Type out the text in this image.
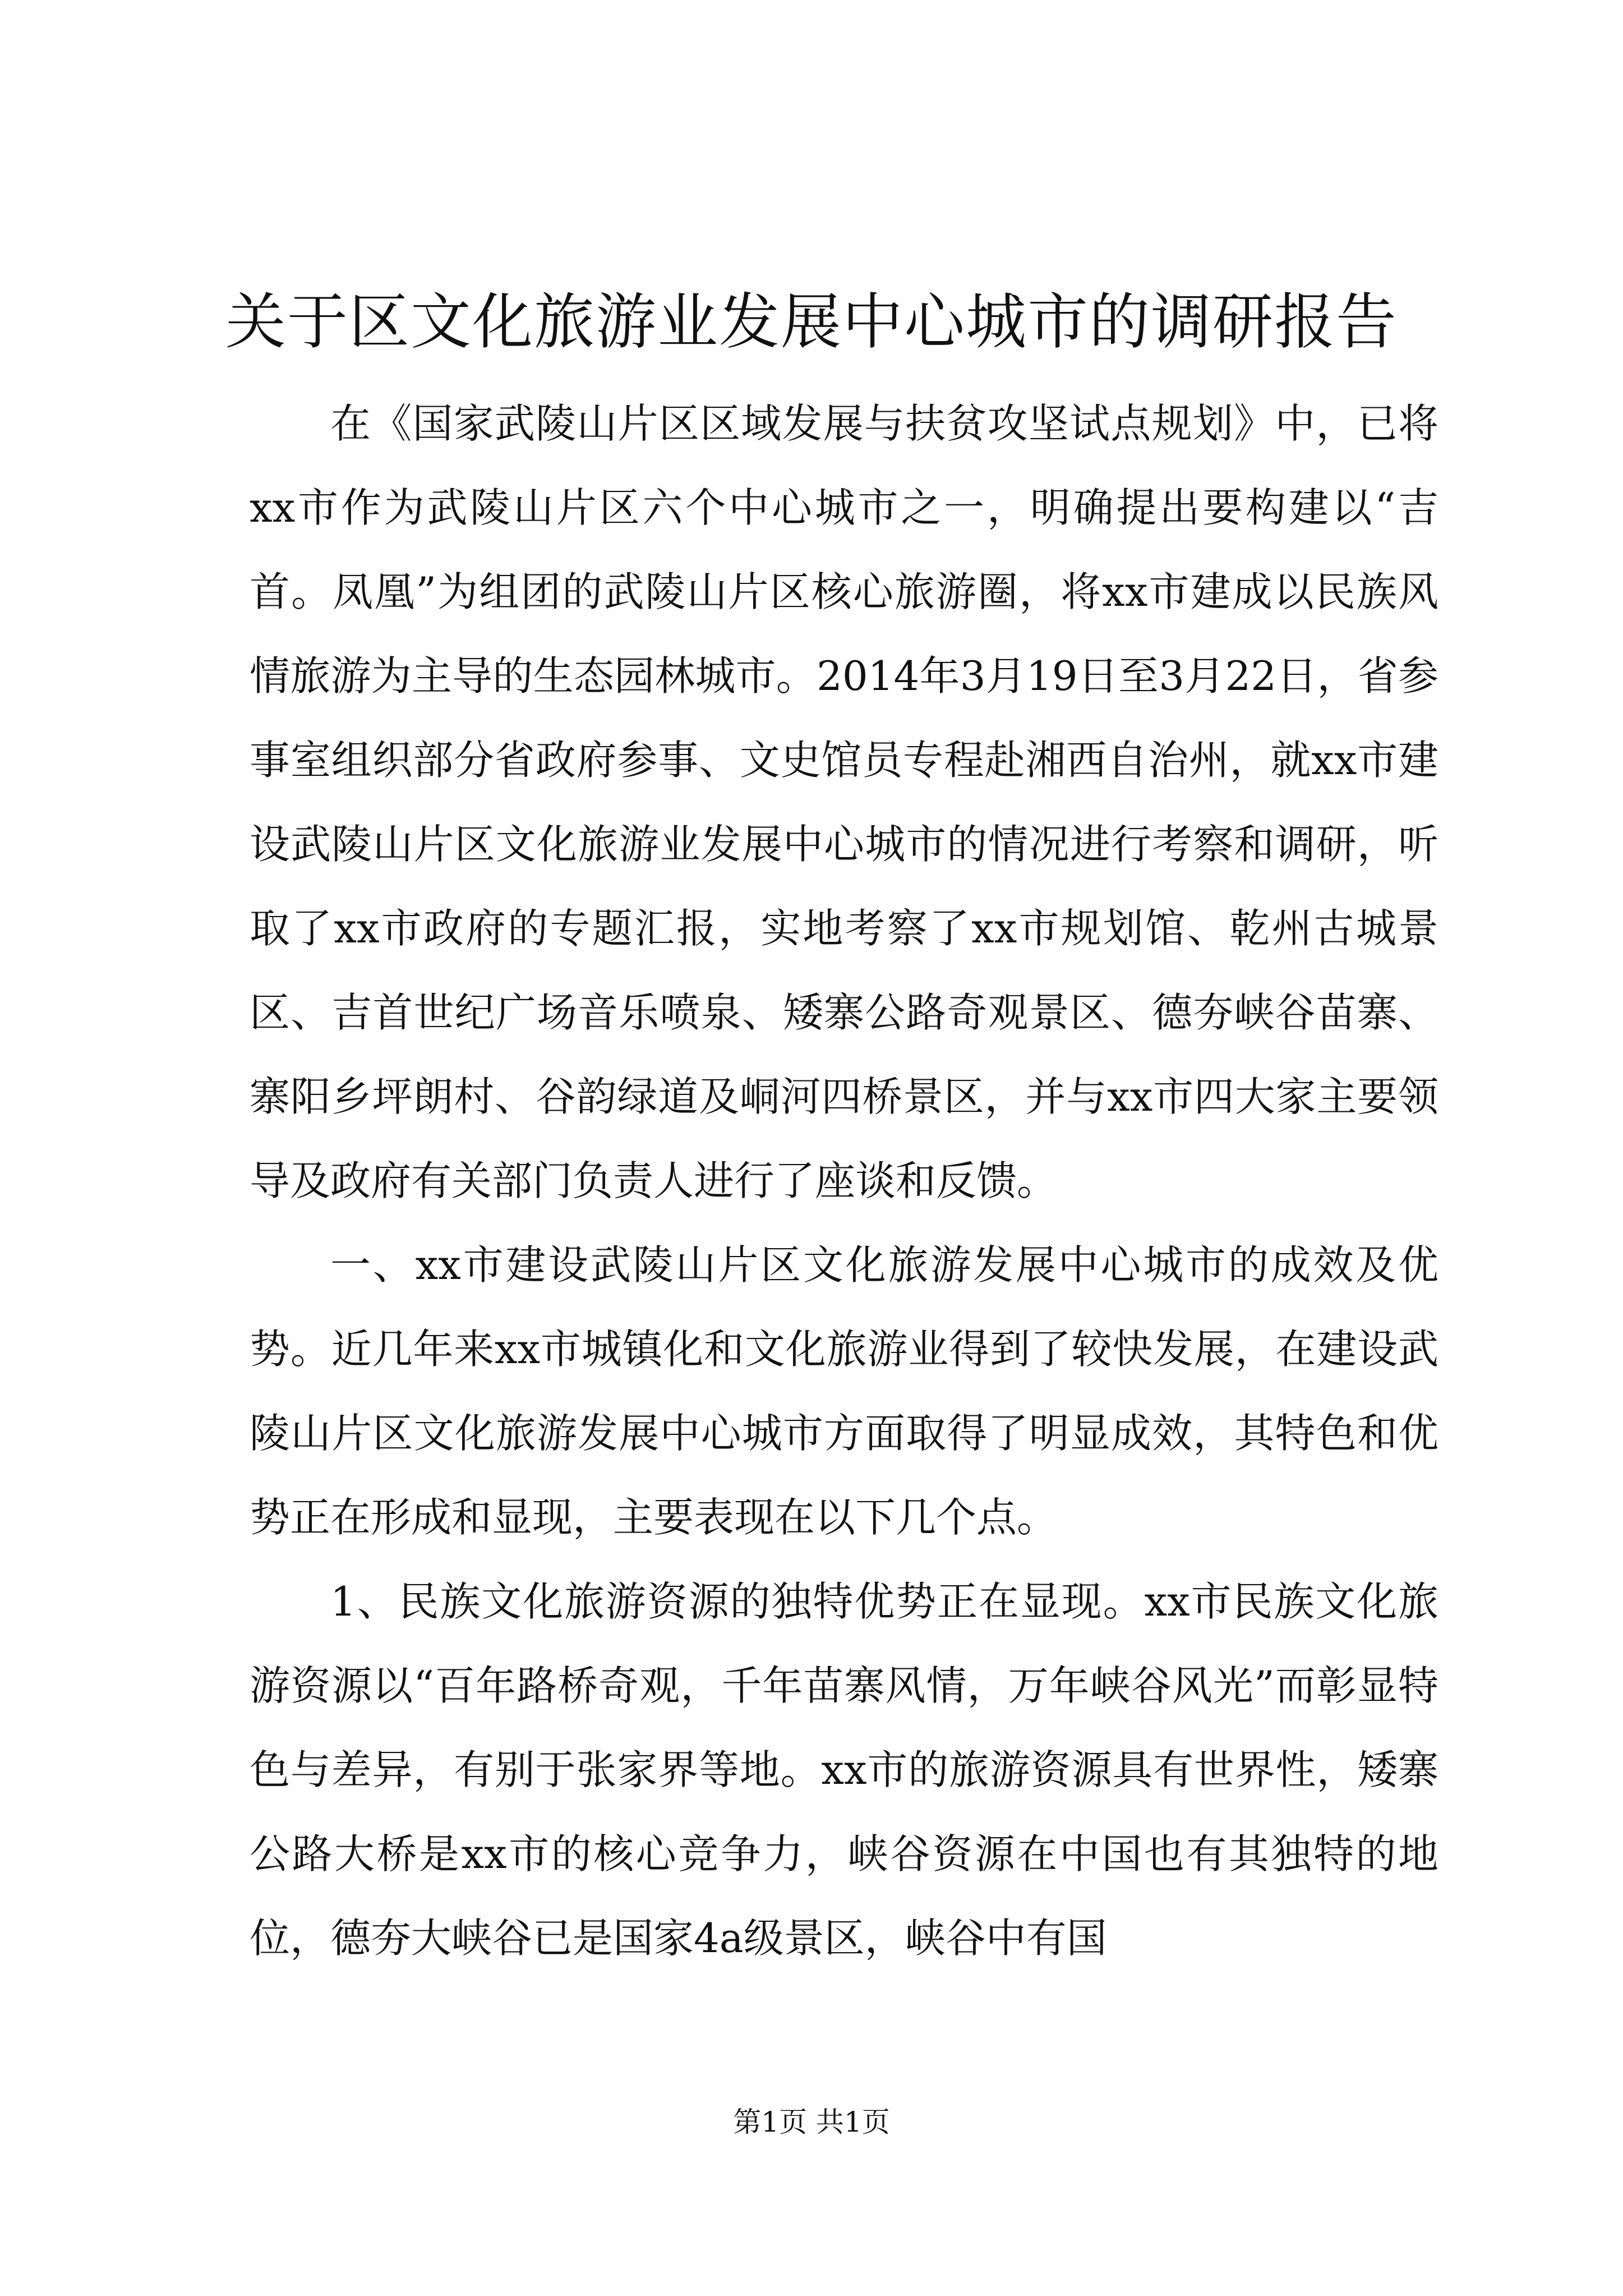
关于区文化旅游业发展中心城市的调研报告

在《国家武陵山片区区域发展与扶贫攻坚试点规划》中，已将xx市作为武陵山片区六个中心城市之一，明确提出要构建以“吉首。凤凰”为组团的武陵山片区核心旅游圈，将xx市建成以民族风情旅游为主导的生态园林城市。2014年3月19日至3月22日，省参事室组织部分省政府参事、文史馆员专程赴湘西自治州，就xx市建设武陵山片区文化旅游业发展中心城市的情况进行考察和调研，听取了xx市政府的专题汇报，实地考察了xx市规划馆、乾州古城景区、吉首世纪广场音乐喷泉、矮寨公路奇观景区、德夯峡谷苗寨、寨阳乡坪朗村、谷韵绿道及峒河四桥景区，并与xx市四大家主要领导及政府有关部门负责人进行了座谈和反馈。

一、xx市建设武陵山片区文化旅游发展中心城市的成效及优势。近几年来xx市城镇化和文化旅游业得到了较快发展，在建设武陵山片区文化旅游发展中心城市方面取得了明显成效，其特色和优势正在形成和显现，主要表现在以下几个点。

1、民族文化旅游资源的独特优势正在显现。xx市民族文化旅游资源以“百年路桥奇观，千年苗寨风情，万年峡谷风光”而彰显特色与差异，有别于张家界等地。xx市的旅游资源具有世界性，矮寨公路大桥是xx市的核心竞争力，峡谷资源在中国也有其独特的地位，德夯大峡谷已是国家4a级景区，峡谷中有国

第1页 共1页
